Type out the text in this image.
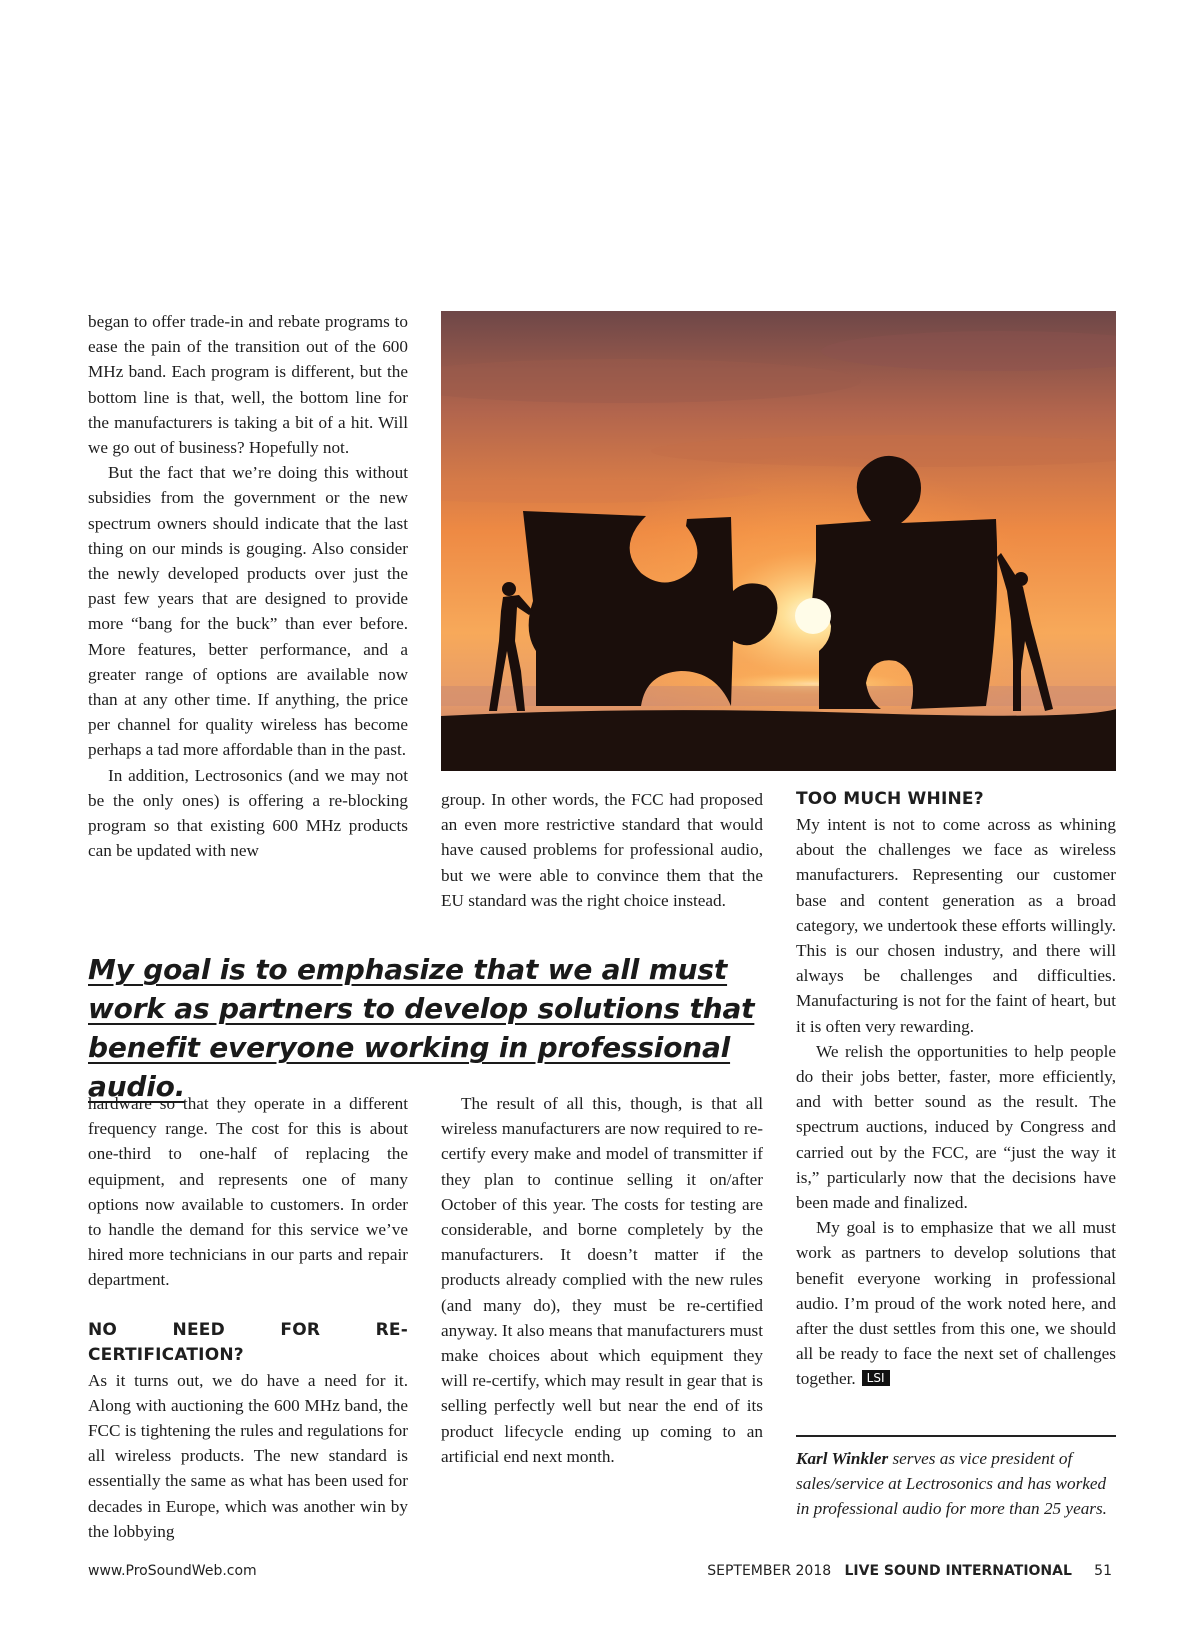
began to offer trade-in and rebate programs to ease the pain of the transition out of the 600 MHz band. Each program is different, but the bottom line is that, well, the bottom line for the manufacturers is taking a bit of a hit. Will we go out of business? Hopefully not.

But the fact that we’re doing this without subsidies from the government or the new spectrum owners should indicate that the last thing on our minds is gouging. Also consider the newly developed products over just the past few years that are designed to provide more “bang for the buck” than ever before. More features, better performance, and a greater range of options are available now than at any other time. If anything, the price per channel for quality wireless has become perhaps a tad more affordable than in the past.

In addition, Lectrosonics (and we may not be the only ones) is offering a re-blocking program so that existing 600 MHz products can be updated with new

group. In other words, the FCC had proposed an even more restrictive standard that would have caused problems for professional audio, but we were able to convince them that the EU standard was the right choice instead.

My goal is to emphasize that we all must work as partners to develop solutions that benefit everyone working in professional audio.

hardware so that they operate in a different frequency range. The cost for this is about one-third to one-half of replacing the equipment, and represents one of many options now available to customers. In order to handle the demand for this service we’ve hired more technicians in our parts and repair department.

NO NEED FOR RE-CERTIFICATION?

As it turns out, we do have a need for it. Along with auctioning the 600 MHz band, the FCC is tightening the rules and regulations for all wireless products. The new standard is essentially the same as what has been used for decades in Europe, which was another win by the lobbying

The result of all this, though, is that all wireless manufacturers are now required to re-certify every make and model of transmitter if they plan to continue selling it on/after October of this year. The costs for testing are considerable, and borne completely by the manufacturers. It doesn’t matter if the products already complied with the new rules (and many do), they must be re-certified anyway. It also means that manufacturers must make choices about which equipment they will re-certify, which may result in gear that is selling perfectly well but near the end of its product lifecycle ending up coming to an artificial end next month.

TOO MUCH WHINE?

My intent is not to come across as whining about the challenges we face as wireless manufacturers. Representing our customer base and content generation as a broad category, we undertook these efforts willingly. This is our chosen industry, and there will always be challenges and difficulties. Manufacturing is not for the faint of heart, but it is often very rewarding.

We relish the opportunities to help people do their jobs better, faster, more efficiently, and with better sound as the result. The spectrum auctions, induced by Congress and carried out by the FCC, are “just the way it is,” particularly now that the decisions have been made and finalized.

My goal is to emphasize that we all must work as partners to develop solutions that benefit everyone working in professional audio. I’m proud of the work noted here, and after the dust settles from this one, we should all be ready to face the next set of challenges together. LSI

Karl Winkler serves as vice president of sales/service at Lectrosonics and has worked in professional audio for more than 25 years.

www.ProSoundWeb.com	SEPTEMBER 2018 LIVE SOUND INTERNATIONAL 51
